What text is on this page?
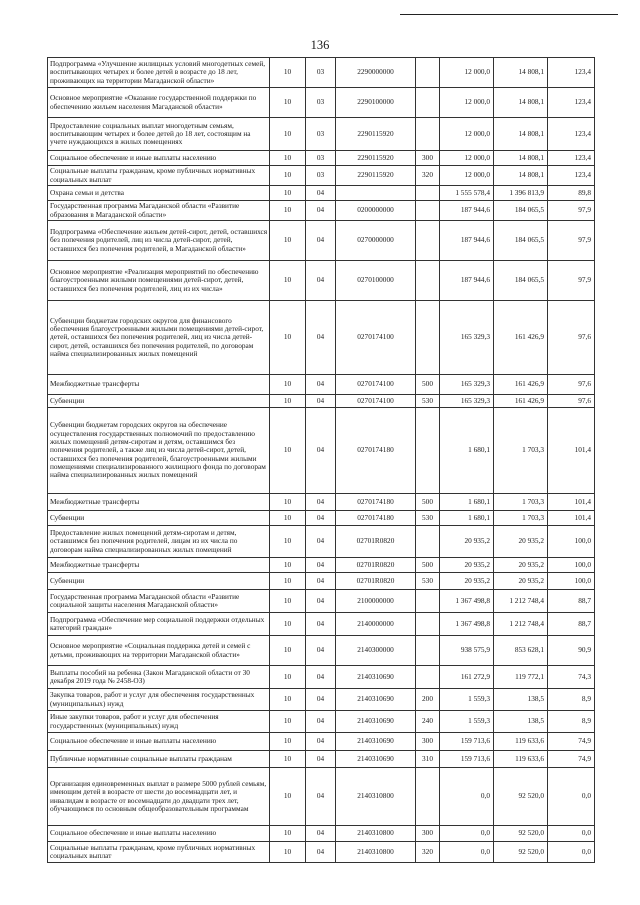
136
Подпрограмма «Улучшение жилищных условий многодетных семей, воспитывающих четырех и более детей в возрасте до 18 лет, проживающих на территории Магаданской области»	10	03	2290000000		12 000,0	14 808,1	123,4
Основное мероприятие «Оказание государственной поддержки по обеспечению жильем населения Магаданской области»	10	03	2290100000		12 000,0	14 808,1	123,4
Предоставление социальных выплат многодетным семьям, воспитывающим четырех и более детей до 18 лет, состоящим на учете нуждающихся в жилых помещениях	10	03	2290115920		12 000,0	14 808,1	123,4
Социальное обеспечение и иные выплаты населению	10	03	2290115920	300	12 000,0	14 808,1	123,4
Социальные выплаты гражданам, кроме публичных нормативных социальных выплат	10	03	2290115920	320	12 000,0	14 808,1	123,4
Охрана семьи и детства	10	04			1 555 578,4	1 396 813,9	89,8
Государственная программа Магаданской области «Развитие образования в Магаданской области»	10	04	0200000000		187 944,6	184 065,5	97,9
Подпрограмма «Обеспечение жильем детей-сирот, детей, оставшихся без попечения родителей, лиц из числа детей-сирот, детей, оставшихся без попечения родителей, в Магаданской области»	10	04	0270000000		187 944,6	184 065,5	97,9
Основное мероприятие «Реализация мероприятий по обеспечению благоустроенными жилыми помещениями детей-сирот, детей, оставшихся без попечения родителей, лиц из их числа»	10	04	0270100000		187 944,6	184 065,5	97,9
Субвенции бюджетам городских округов для финансового обеспечения благоустроенными жилыми помещениями детей-сирот, детей, оставшихся без попечения родителей, лиц из числа детей-сирот, детей, оставшихся без попечения родителей, по договорам найма специализированных жилых помещений	10	04	0270174100		165 329,3	161 426,9	97,6
Межбюджетные трансферты	10	04	0270174100	500	165 329,3	161 426,9	97,6
Субвенции	10	04	0270174100	530	165 329,3	161 426,9	97,6
Субвенции бюджетам городских округов на обеспечение осуществления государственных полномочий по предоставлению жилых помещений детям-сиротам и детям, оставшимся без попечения родителей, а также лиц из числа детей-сирот, детей, оставшихся без попечения родителей, благоустроенными жилыми помещениями специализированного жилищного фонда по договорам найма специализированных жилых помещений	10	04	0270174180		1 680,1	1 703,3	101,4
Межбюджетные трансферты	10	04	0270174180	500	1 680,1	1 703,3	101,4
Субвенции	10	04	0270174180	530	1 680,1	1 703,3	101,4
Предоставление жилых помещений детям-сиротам и детям, оставшимся без попечения родителей, лицам из их числа по договорам найма специализированных жилых помещений	10	04	02701R0820		20 935,2	20 935,2	100,0
Межбюджетные трансферты	10	04	02701R0820	500	20 935,2	20 935,2	100,0
Субвенции	10	04	02701R0820	530	20 935,2	20 935,2	100,0
Государственная программа Магаданской области «Развитие социальной защиты населения Магаданской области»	10	04	2100000000		1 367 498,8	1 212 748,4	88,7
Подпрограмма «Обеспечение мер социальной поддержки отдельных категорий граждан»	10	04	2140000000		1 367 498,8	1 212 748,4	88,7
Основное мероприятие «Социальная поддержка детей и семей с детьми, проживающих на территории Магаданской области»	10	04	2140300000		938 575,9	853 628,1	90,9
Выплаты пособий на ребенка (Закон Магаданской области от 30 декабря 2019 года № 2458-ОЗ)	10	04	2140310690		161 272,9	119 772,1	74,3
Закупка товаров, работ и услуг для обеспечения государственных (муниципальных) нужд	10	04	2140310690	200	1 559,3	138,5	8,9
Иные закупки товаров, работ и услуг для обеспечения государственных (муниципальных) нужд	10	04	2140310690	240	1 559,3	138,5	8,9
Социальное обеспечение и иные выплаты населению	10	04	2140310690	300	159 713,6	119 633,6	74,9
Публичные нормативные социальные выплаты гражданам	10	04	2140310690	310	159 713,6	119 633,6	74,9
Организация единовременных выплат в размере 5000 рублей семьям, имеющим детей в возрасте от шести до восемнадцати лет, и инвалидам в возрасте от восемнадцати до двадцати трех лет, обучающимся по основным общеобразовательным программам	10	04	2140310800		0,0	92 520,0	0,0
Социальное обеспечение и иные выплаты населению	10	04	2140310800	300	0,0	92 520,0	0,0
Социальные выплаты гражданам, кроме публичных нормативных социальных выплат	10	04	2140310800	320	0,0	92 520,0	0,0
